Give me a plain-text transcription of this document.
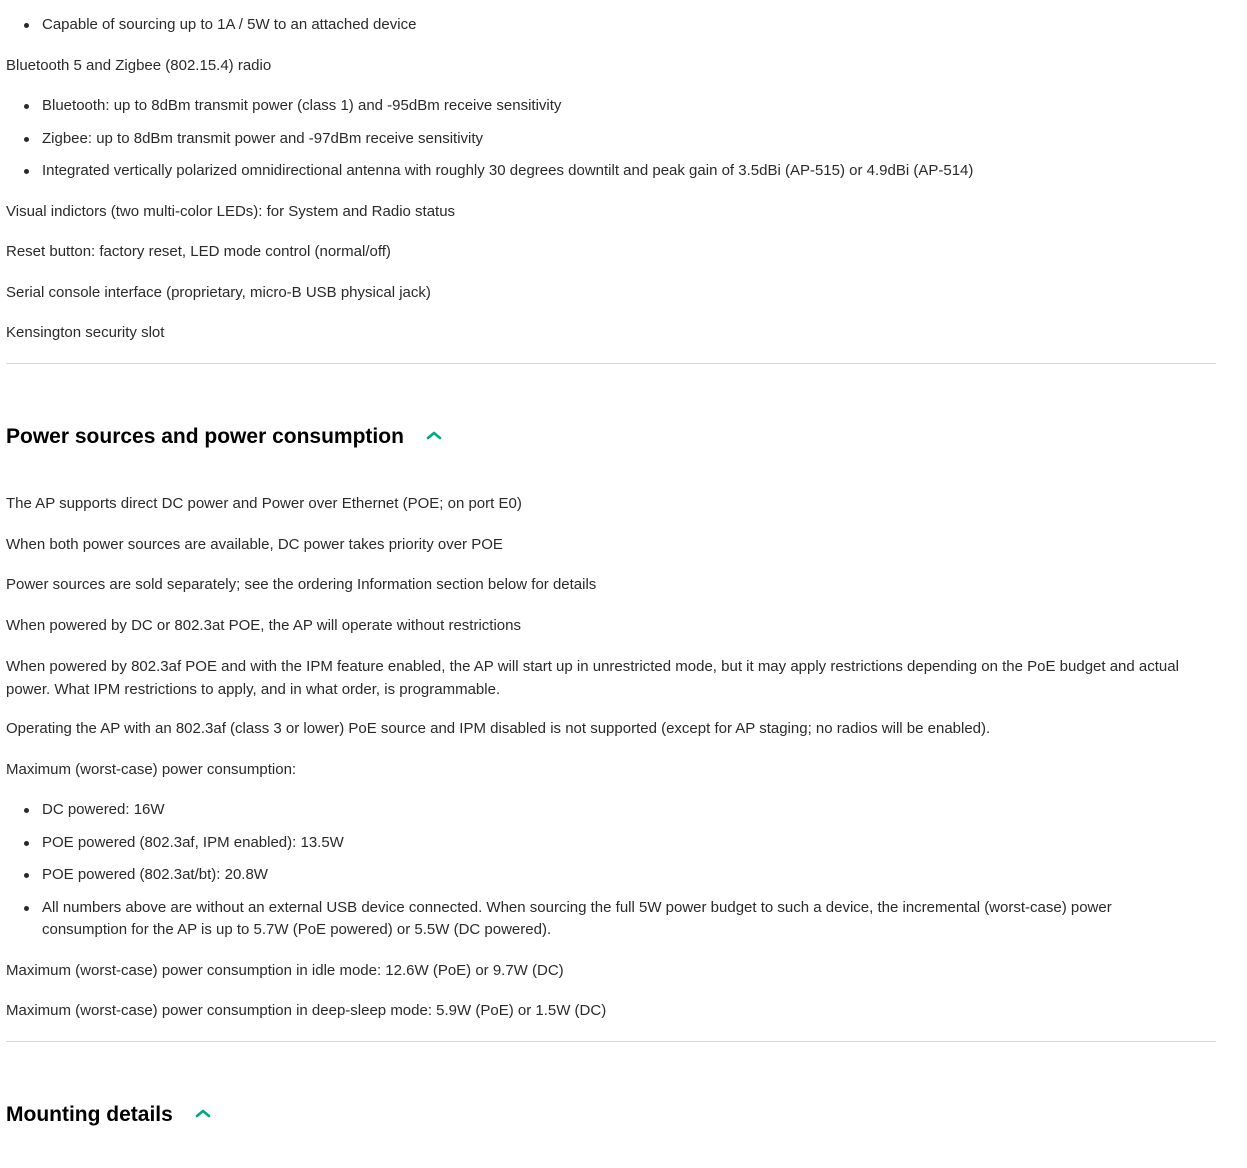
Capable of sourcing up to 1A / 5W to an attached device
Bluetooth 5 and Zigbee (802.15.4) radio
Bluetooth: up to 8dBm transmit power (class 1) and -95dBm receive sensitivity
Zigbee: up to 8dBm transmit power and -97dBm receive sensitivity
Integrated vertically polarized omnidirectional antenna with roughly 30 degrees downtilt and peak gain of 3.5dBi (AP-515) or 4.9dBi (AP-514)
Visual indictors (two multi-color LEDs): for System and Radio status
Reset button: factory reset, LED mode control (normal/off)
Serial console interface (proprietary, micro-B USB physical jack)
Kensington security slot
Power sources and power consumption
The AP supports direct DC power and Power over Ethernet (POE; on port E0)
When both power sources are available, DC power takes priority over POE
Power sources are sold separately; see the ordering Information section below for details
When powered by DC or 802.3at POE, the AP will operate without restrictions
When powered by 802.3af POE and with the IPM feature enabled, the AP will start up in unrestricted mode, but it may apply restrictions depending on the PoE budget and actual power. What IPM restrictions to apply, and in what order, is programmable.
Operating the AP with an 802.3af (class 3 or lower) PoE source and IPM disabled is not supported (except for AP staging; no radios will be enabled).
Maximum (worst-case) power consumption:
DC powered: 16W
POE powered (802.3af, IPM enabled): 13.5W
POE powered (802.3at/bt): 20.8W
All numbers above are without an external USB device connected. When sourcing the full 5W power budget to such a device, the incremental (worst-case) power consumption for the AP is up to 5.7W (PoE powered) or 5.5W (DC powered).
Maximum (worst-case) power consumption in idle mode: 12.6W (PoE) or 9.7W (DC)
Maximum (worst-case) power consumption in deep-sleep mode: 5.9W (PoE) or 1.5W (DC)
Mounting details
